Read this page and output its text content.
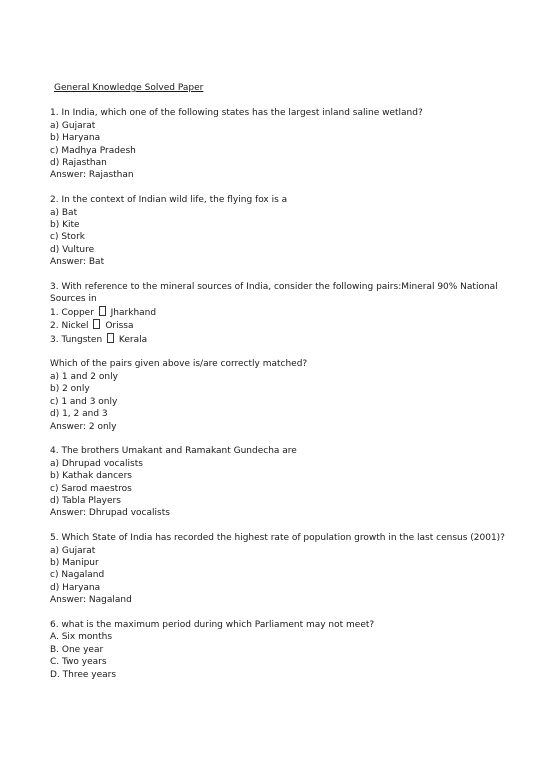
General Knowledge Solved Paper
1. In India, which one of the following states has the largest inland saline wetland?
a) Gujarat
b) Haryana
c) Madhya Pradesh
d) Rajasthan
Answer: Rajasthan
2. In the context of Indian wild life, the flying fox is a
a) Bat
b) Kite
c) Stork
d) Vulture
Answer: Bat
3. With reference to the mineral sources of India, consider the following pairs:Mineral 90% National Sources in
1. Copper Jharkhand
2. Nickel Orissa
3. Tungsten Kerala
Which of the pairs given above is/are correctly matched?
a) 1 and 2 only
b) 2 only
c) 1 and 3 only
d) 1, 2 and 3
Answer: 2 only
4. The brothers Umakant and Ramakant Gundecha are
a) Dhrupad vocalists
b) Kathak dancers
c) Sarod maestros
d) Tabla Players
Answer: Dhrupad vocalists
5. Which State of India has recorded the highest rate of population growth in the last census (2001)?
a) Gujarat
b) Manipur
c) Nagaland
d) Haryana
Answer: Nagaland
6. what is the maximum period during which Parliament may not meet?
A. Six months
B. One year
C. Two years
D. Three years
